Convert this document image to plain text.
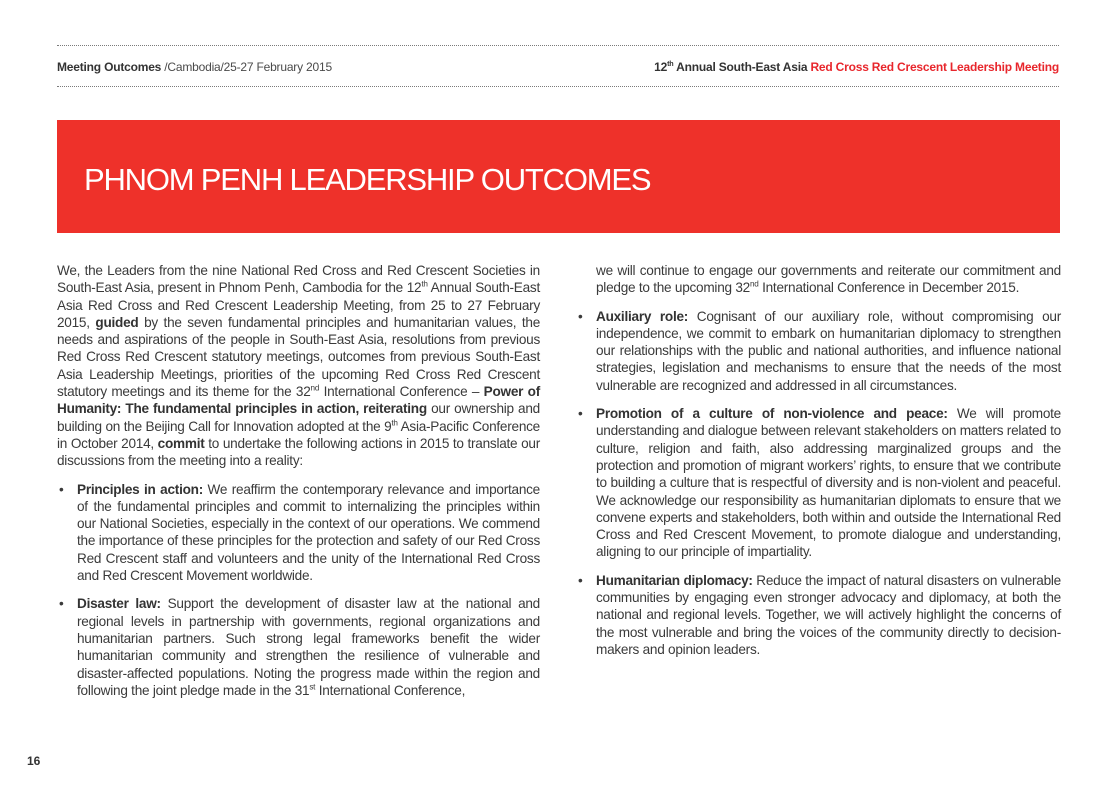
Meeting Outcomes /Cambodia/25-27 February 2015	12th Annual South-East Asia Red Cross Red Crescent Leadership Meeting
PHNOM PENH LEADERSHIP OUTCOMES

We, the Leaders from the nine National Red Cross and Red Crescent Societies in South-East Asia, present in Phnom Penh, Cambodia for the 12th Annual South-East Asia Red Cross and Red Crescent Leadership Meeting, from 25 to 27 February 2015, guided by the seven fundamental principles and humanitarian values, the needs and aspirations of the people in South-East Asia, resolutions from previous Red Cross Red Crescent statutory meetings, outcomes from previous South-East Asia Leadership Meetings, priorities of the upcoming Red Cross Red Crescent statutory meetings and its theme for the 32nd International Conference – Power of Humanity: The fundamental principles in action, reiterating our ownership and building on the Beijing Call for Innovation adopted at the 9th Asia-Pacific Conference in October 2014, commit to undertake the following actions in 2015 to translate our discussions from the meeting into a reality:

• Principles in action: We reaffirm the contemporary relevance and importance of the fundamental principles and commit to internalizing the principles within our National Societies, especially in the context of our operations. We commend the importance of these principles for the protection and safety of our Red Cross Red Crescent staff and volunteers and the unity of the International Red Cross and Red Crescent Movement worldwide.
• Disaster law: Support the development of disaster law at the national and regional levels in partnership with governments, regional organizations and humanitarian partners. Such strong legal frameworks benefit the wider humanitarian community and strengthen the resilience of vulnerable and disaster-affected populations. Noting the progress made within the region and following the joint pledge made in the 31st International Conference,
we will continue to engage our governments and reiterate our commitment and pledge to the upcoming 32nd International Conference in December 2015.
• Auxiliary role: Cognisant of our auxiliary role, without compromising our independence, we commit to embark on humanitarian diplomacy to strengthen our relationships with the public and national authorities, and influence national strategies, legislation and mechanisms to ensure that the needs of the most vulnerable are recognized and addressed in all circumstances.
• Promotion of a culture of non-violence and peace: We will promote understanding and dialogue between relevant stakeholders on matters related to culture, religion and faith, also addressing marginalized groups and the protection and promotion of migrant workers’ rights, to ensure that we contribute to building a culture that is respectful of diversity and is non-violent and peaceful. We acknowledge our responsibility as humanitarian diplomats to ensure that we convene experts and stakeholders, both within and outside the International Red Cross and Red Crescent Movement, to promote dialogue and understanding, aligning to our principle of impartiality.
• Humanitarian diplomacy: Reduce the impact of natural disasters on vulnerable communities by engaging even stronger advocacy and diplomacy, at both the national and regional levels. Together, we will actively highlight the concerns of the most vulnerable and bring the voices of the community directly to decision-makers and opinion leaders.
16
